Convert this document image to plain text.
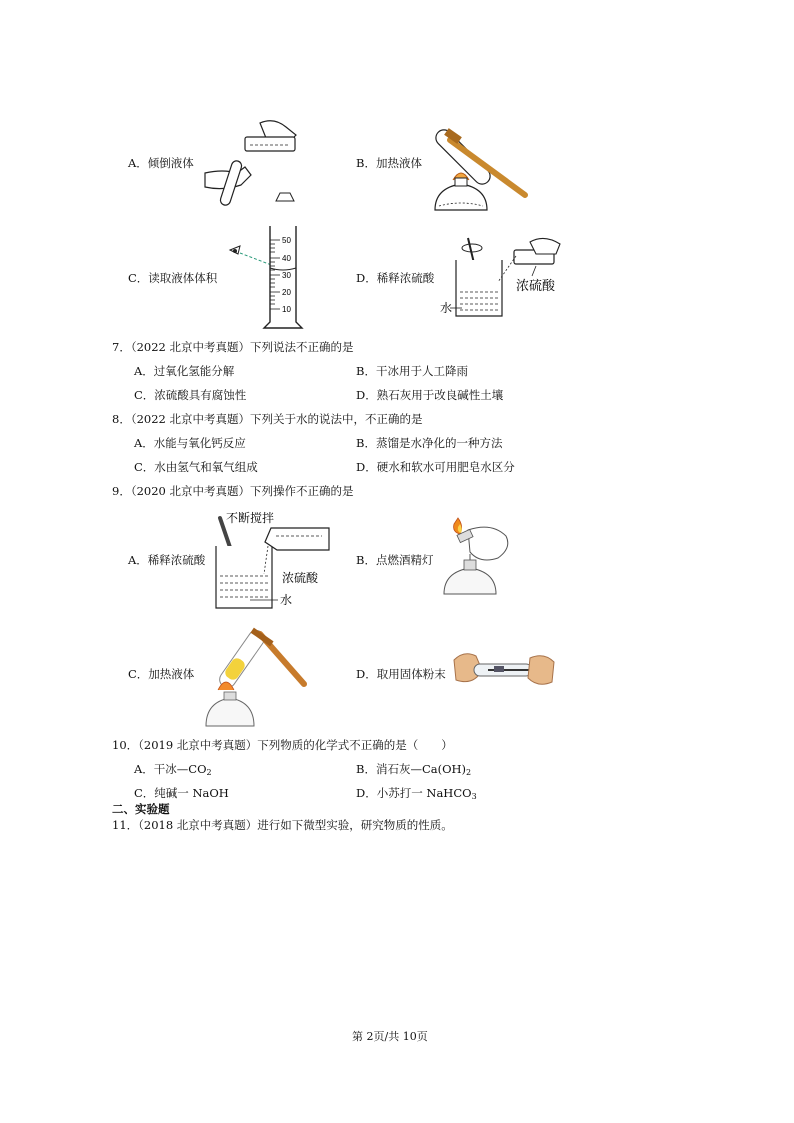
A．倾倒液体	B．加热液体
C．读取液体体积	D．稀释浓硫酸
50
40
30
20
10	水
浓硫酸
7．（2022 北京中考真题）下列说法不正确的是
A．过氧化氢能分解	B．干冰用于人工降雨
C．浓硫酸具有腐蚀性	D．熟石灰用于改良碱性土壤
8．（2022 北京中考真题）下列关于水的说法中，不正确的是
A．水能与氧化钙反应	B．蒸馏是水净化的一种方法
C．水由氢气和氧气组成	D．硬水和软水可用肥皂水区分
9．（2020 北京中考真题）下列操作不正确的是
A．稀释浓硫酸	B．点燃酒精灯
C．加热液体	D．取用固体粉末
不断搅拌
浓硫酸
水
10．（2019 北京中考真题）下列物质的化学式不正确的是（　　）
A．干冰$—CO_2$	B．消石灰$—Ca(OH)_2$
C．纯碱一 NaOH	D．小苏打一 NaHCO$_3$
二、实验题
11．（2018 北京中考真题）进行如下微型实验，研究物质的性质。
第 2页/共 10页
